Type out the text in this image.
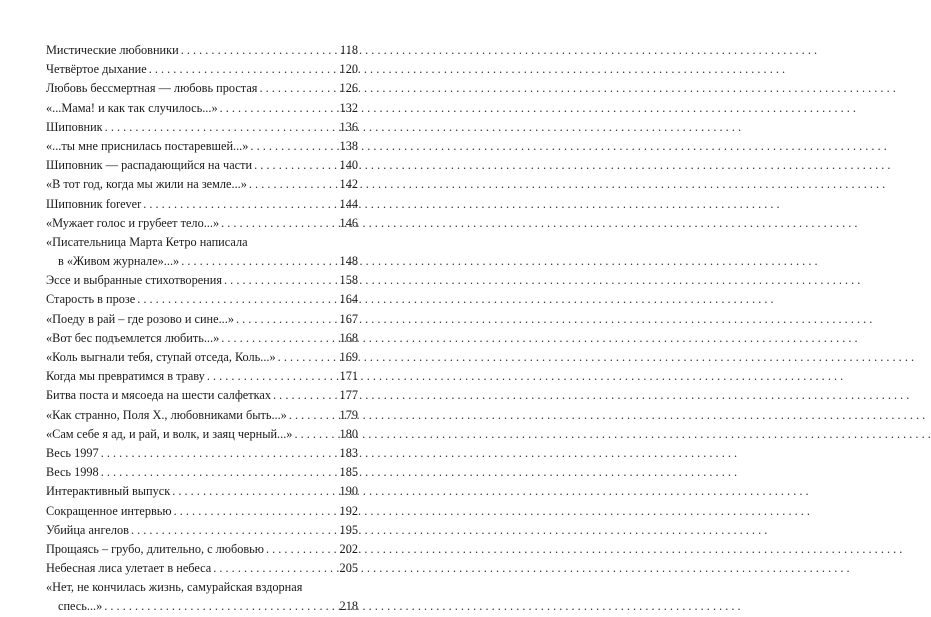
Мистические любовники . . .	118
Четвёртое дыхание . . .	120
Любовь бессмертная — любовь простая . . .	126
«...Мама! и как так случилось...» . . .	132
Шиповник . . .	136
«...ты мне приснилась постаревшей...» . . .	138
Шиповник — распадающийся на части . . .	140
«В тот год, когда мы жили на земле...» . . .	142
Шиповник forever . . .	144
«Мужает голос и грубеет тело...» . . .	146
«Писательница Марта Кетро написала
в «Живом журнале»...» . . .	148
Эссе и выбранные стихотворения . . .	158
Старость в прозе . . .	164
«Поеду в рай – где розово и сине...» . . .	167
«Вот бес подъемлется любить...» . . .	168
«Коль выгнали тебя, ступай отседа, Коль...» . . .	169
Когда мы превратимся в траву . . .	171
Битва поста и мясоеда на шести салфетках . . .	177
«Как странно, Поля Х., любовниками быть...» . . .	179
«Сам себе я ад, и рай, и волк, и заяц черный...» . . .	180
Весь 1997 . . .	183
Весь 1998 . . .	185
Интерактивный выпуск . . .	190
Сокращенное интервью . . .	192
Убийца ангелов . . .	195
Прощаясь – грубо, длительно, с любовью . . .	202
Небесная лиса улетает в небеса . . .	205
«Нет, не кончилась жизнь, самурайская вздорная
спесь...» . . .	218
